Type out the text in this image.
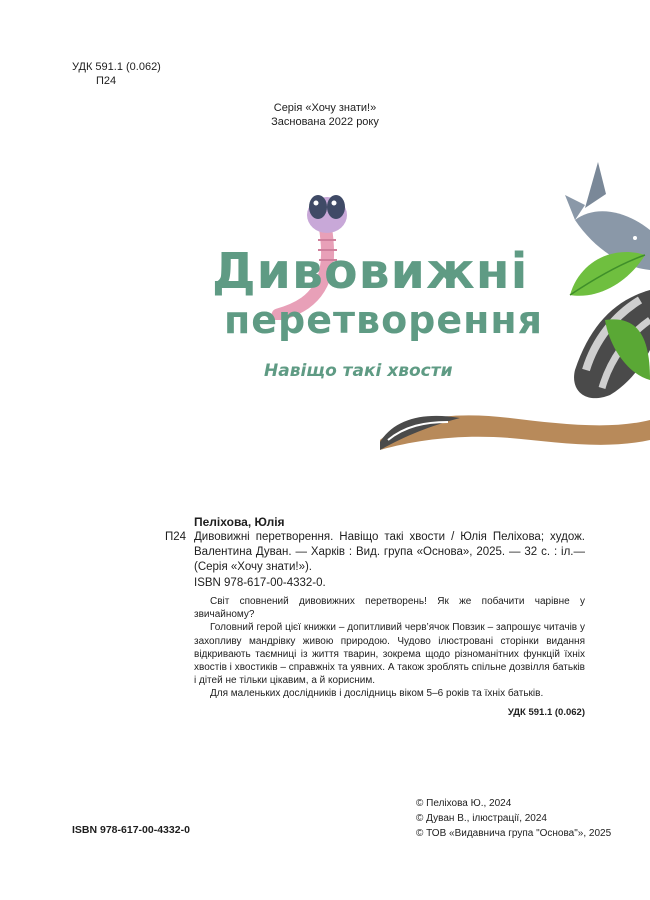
УДК 591.1 (0.062)
П24
Серія «Хочу знати!»
Заснована 2022 року
Дивовижні
перетворення
Навіщо такі хвости
Пеліхова, Юлія
П24 Дивовижні перетворення. Навіщо такі хвости / Юлія Пеліхова; худож. Валентина Дуван. — Харків : Вид. група «Основа», 2025. — 32 с. : іл.— (Серія «Хочу знати!»).
ISBN 978-617-00-4332-0.

Світ сповнений дивовижних перетворень! Як же побачити чарівне у звичайному?

Головний герой цієї книжки – допитливий черв’ячок Повзик – запрошує читачів у захопливу мандрівку живою природою. Чудово ілюстровані сторінки видання відкривають таємниці із життя тварин, зокрема щодо різноманітних функцій їхніх хвостів і хвостиків – справжніх та уявних. А також зроблять спільне дозвілля батьків і дітей не тільки цікавим, а й корисним.

Для маленьких дослідників і дослідниць віком 5–6 років та їхніх батьків.

УДК 591.1 (0.062)
ISBN 978-617-00-4332-0
© Пеліхова Ю., 2024
© Дуван В., ілюстрації, 2024
© ТОВ «Видавнича група "Основа"», 2025
